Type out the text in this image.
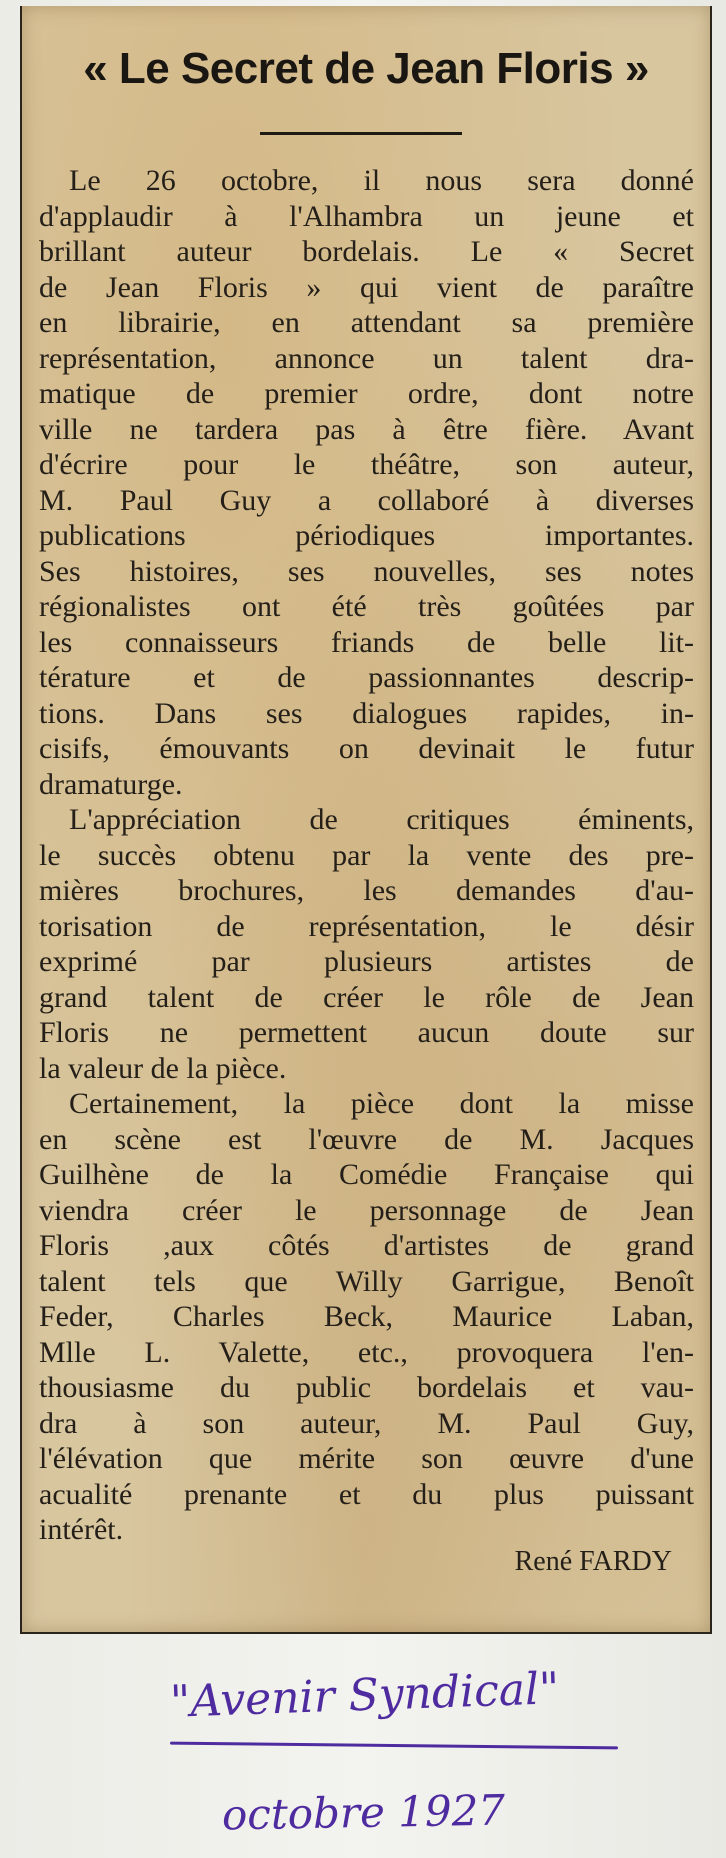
« Le Secret de Jean Floris »
Le 26 octobre, il nous sera donné
d'applaudir à l'Alhambra un jeune et
brillant auteur bordelais. Le « Secret
de Jean Floris » qui vient de paraître
en librairie, en attendant sa première
représentation, annonce un talent dra-
matique de premier ordre, dont notre
ville ne tardera pas à être fière. Avant
d'écrire pour le théâtre, son auteur,
M. Paul Guy a collaboré à diverses
publications périodiques importantes.
Ses histoires, ses nouvelles, ses notes
régionalistes ont été très goûtées par
les connaisseurs friands de belle lit-
térature et de passionnantes descrip-
tions. Dans ses dialogues rapides, in-
cisifs, émouvants on devinait le futur
dramaturge.
L'appréciation de critiques éminents,
le succès obtenu par la vente des pre-
mières brochures, les demandes d'au-
torisation de représentation, le désir
exprimé par plusieurs artistes de
grand talent de créer le rôle de Jean
Floris ne permettent aucun doute sur
la valeur de la pièce.
Certainement, la pièce dont la misse
en scène est l'œuvre de M. Jacques
Guilhène de la Comédie Française qui
viendra créer le personnage de Jean
Floris ,aux côtés d'artistes de grand
talent tels que Willy Garrigue, Benoît
Feder, Charles Beck, Maurice Laban,
Mlle L. Valette, etc., provoquera l'en-
thousiasme du public bordelais et vau-
dra à son auteur, M. Paul Guy,
l'élévation que mérite son œuvre d'une
acualité prenante et du plus puissant
intérêt.
René FARDY
"Avenir Syndical"
octobre 1927
